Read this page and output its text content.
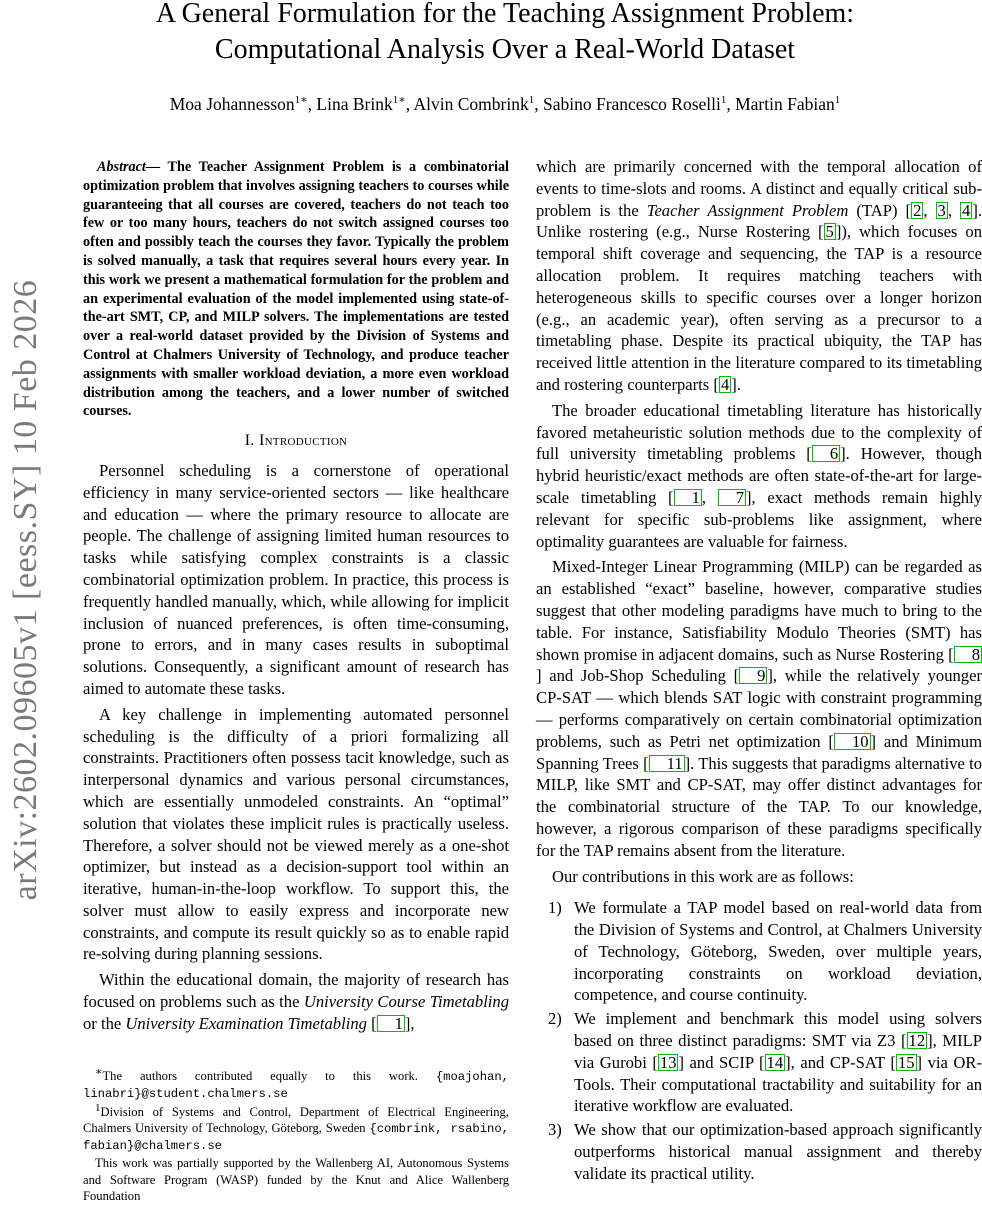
arXiv:2602.09605v1 [eess.SY] 10 Feb 2026
A General Formulation for the Teaching Assignment Problem:
Computational Analysis Over a Real-World Dataset
Moa Johannesson$^{1∗}$, Lina Brink$^{1∗}$, Alvin Combrink$^1$, Sabino Francesco Roselli$^1$, Martin Fabian$^1$
Abstract— The Teacher Assignment Problem is a combinatorial optimization problem that involves assigning teachers to courses while guaranteeing that all courses are covered, teachers do not teach too few or too many hours, teachers do not switch assigned courses too often and possibly teach the courses they favor. Typically the problem is solved manually, a task that requires several hours every year. In this work we present a mathematical formulation for the problem and an experimental evaluation of the model implemented using state-of-the-art SMT, CP, and MILP solvers. The implementations are tested over a real-world dataset provided by the Division of Systems and Control at Chalmers University of Technology, and produce teacher assignments with smaller workload deviation, a more even workload distribution among the teachers, and a lower number of switched courses.
I. Introduction

Personnel scheduling is a cornerstone of operational efficiency in many service-oriented sectors — like healthcare and education — where the primary resource to allocate are people. The challenge of assigning limited human resources to tasks while satisfying complex constraints is a classic combinatorial optimization problem. In practice, this process is frequently handled manually, which, while allowing for implicit inclusion of nuanced preferences, is often time-consuming, prone to errors, and in many cases results in suboptimal solutions. Consequently, a significant amount of research has aimed to automate these tasks.

A key challenge in implementing automated personnel scheduling is the difficulty of a priori formalizing all constraints. Practitioners often possess tacit knowledge, such as interpersonal dynamics and various personal circumstances, which are essentially unmodeled constraints. An “optimal” solution that violates these implicit rules is practically useless. Therefore, a solver should not be viewed merely as a one-shot optimizer, but instead as a decision-support tool within an iterative, human-in-the-loop workflow. To support this, the solver must allow to easily express and incorporate new constraints, and compute its result quickly so as to enable rapid re-solving during planning sessions.

Within the educational domain, the majority of research has focused on problems such as the University Course Timetabling or the University Examination Timetabling [ 1 ],

which are primarily concerned with the temporal allocation of events to time-slots and rooms. A distinct and equally critical sub-problem is the Teacher Assignment Problem (TAP) [ 2 , 3 , 4 ]. Unlike rostering (e.g., Nurse Rostering [ 5 ]), which focuses on temporal shift coverage and sequencing, the TAP is a resource allocation problem. It requires matching teachers with heterogeneous skills to specific courses over a longer horizon (e.g., an academic year), often serving as a precursor to a timetabling phase. Despite its practical ubiquity, the TAP has received little attention in the literature compared to its timetabling and rostering counterparts [ 4 ].

The broader educational timetabling literature has historically favored metaheuristic solution methods due to the complexity of full university timetabling problems [ 6 ]. However, though hybrid heuristic/exact methods are often state-of-the-art for large-scale timetabling [ 1 , 7 ], exact methods remain highly relevant for specific sub-problems like assignment, where optimality guarantees are valuable for fairness.

Mixed-Integer Linear Programming (MILP) can be regarded as an established “exact” baseline, however, comparative studies suggest that other modeling paradigms have much to bring to the table. For instance, Satisfiability Modulo Theories (SMT) has shown promise in adjacent domains, such as Nurse Rostering [ 8] and Job-Shop Scheduling [ 9 ], while the relatively younger CP-SAT — which blends SAT logic with constraint programming — performs comparatively on certain combinatorial optimization problems, such as Petri net optimization [ 10 ] and Minimum Spanning Trees [ 11 ]. This suggests that paradigms alternative to MILP, like SMT and CP-SAT, may offer distinct advantages for the combinatorial structure of the TAP. To our knowledge, however, a rigorous comparison of these paradigms specifically for the TAP remains absent from the literature.

Our contributions in this work are as follows:

1) We formulate a TAP model based on real-world data from the Division of Systems and Control, at Chalmers University of Technology, Göteborg, Sweden, over multiple years, incorporating constraints on workload deviation, competence, and course continuity.
2) We implement and benchmark this model using solvers based on three distinct paradigms: SMT via Z3 [ 12 ], MILP via Gurobi [ 13 ] and SCIP [ 14 ], and CP-SAT [ 15 ] via OR-Tools. Their computational tractability and suitability for an iterative workflow are evaluated.
3) We show that our optimization-based approach significantly outperforms historical manual assignment and thereby validate its practical utility.
∗The authors contributed equally to this work. {moajohan, linabri}@student.chalmers.se
$^1$Division of Systems and Control, Department of Electrical Engineering, Chalmers University of Technology, Göteborg, Sweden {combrink, rsabino, fabian}@chalmers.se
This work was partially supported by the Wallenberg AI, Autonomous Systems and Software Program (WASP) funded by the Knut and Alice Wallenberg Foundation
